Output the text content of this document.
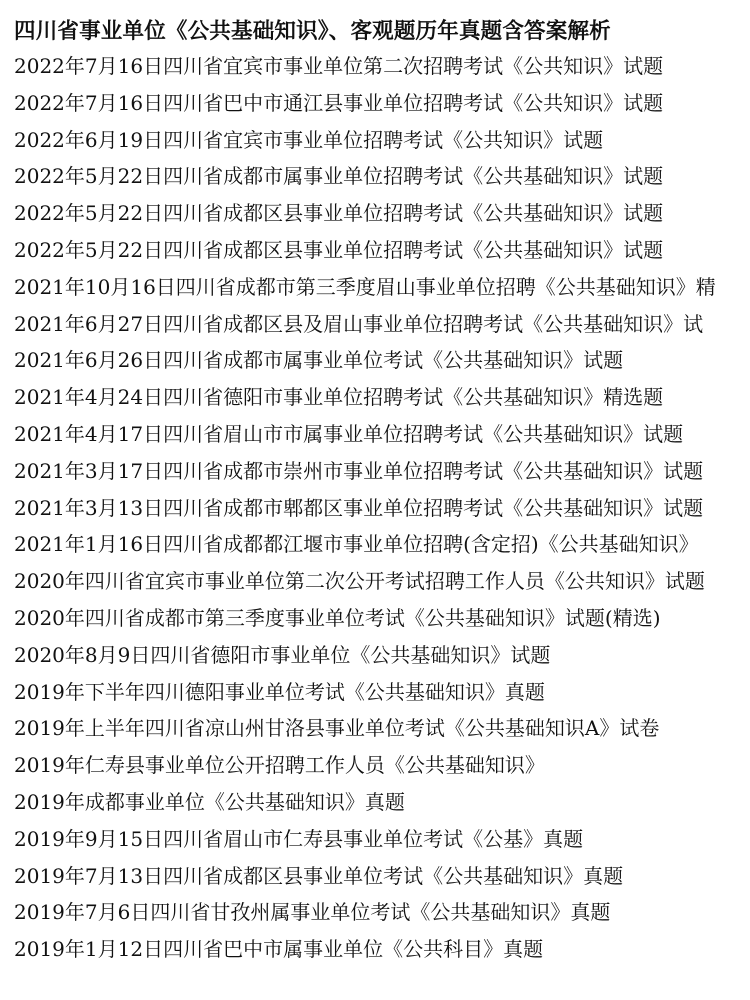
四川省事业单位《公共基础知识》、客观题历年真题含答案解析
2022年7月16日四川省宜宾市事业单位第二次招聘考试《公共知识》试题
2022年7月16日四川省巴中市通江县事业单位招聘考试《公共知识》试题
2022年6月19日四川省宜宾市事业单位招聘考试《公共知识》试题
2022年5月22日四川省成都市属事业单位招聘考试《公共基础知识》试题
2022年5月22日四川省成都区县事业单位招聘考试《公共基础知识》试题
2022年5月22日四川省成都区县事业单位招聘考试《公共基础知识》试题
2021年10月16日四川省成都市第三季度眉山事业单位招聘《公共基础知识》精
2021年6月27日四川省成都区县及眉山事业单位招聘考试《公共基础知识》试
2021年6月26日四川省成都市属事业单位考试《公共基础知识》试题
2021年4月24日四川省德阳市事业单位招聘考试《公共基础知识》精选题
2021年4月17日四川省眉山市市属事业单位招聘考试《公共基础知识》试题
2021年3月17日四川省成都市崇州市事业单位招聘考试《公共基础知识》试题
2021年3月13日四川省成都市郫都区事业单位招聘考试《公共基础知识》试题
2021年1月16日四川省成都都江堰市事业单位招聘(含定招)《公共基础知识》
2020年四川省宜宾市事业单位第二次公开考试招聘工作人员《公共知识》试题
2020年四川省成都市第三季度事业单位考试《公共基础知识》试题(精选)
2020年8月9日四川省德阳市事业单位《公共基础知识》试题
2019年下半年四川德阳事业单位考试《公共基础知识》真题
2019年上半年四川省凉山州甘洛县事业单位考试《公共基础知识A》试卷
2019年仁寿县事业单位公开招聘工作人员《公共基础知识》
2019年成都事业单位《公共基础知识》真题
2019年9月15日四川省眉山市仁寿县事业单位考试《公基》真题
2019年7月13日四川省成都区县事业单位考试《公共基础知识》真题
2019年7月6日四川省甘孜州属事业单位考试《公共基础知识》真题
2019年1月12日四川省巴中市属事业单位《公共科目》真题
